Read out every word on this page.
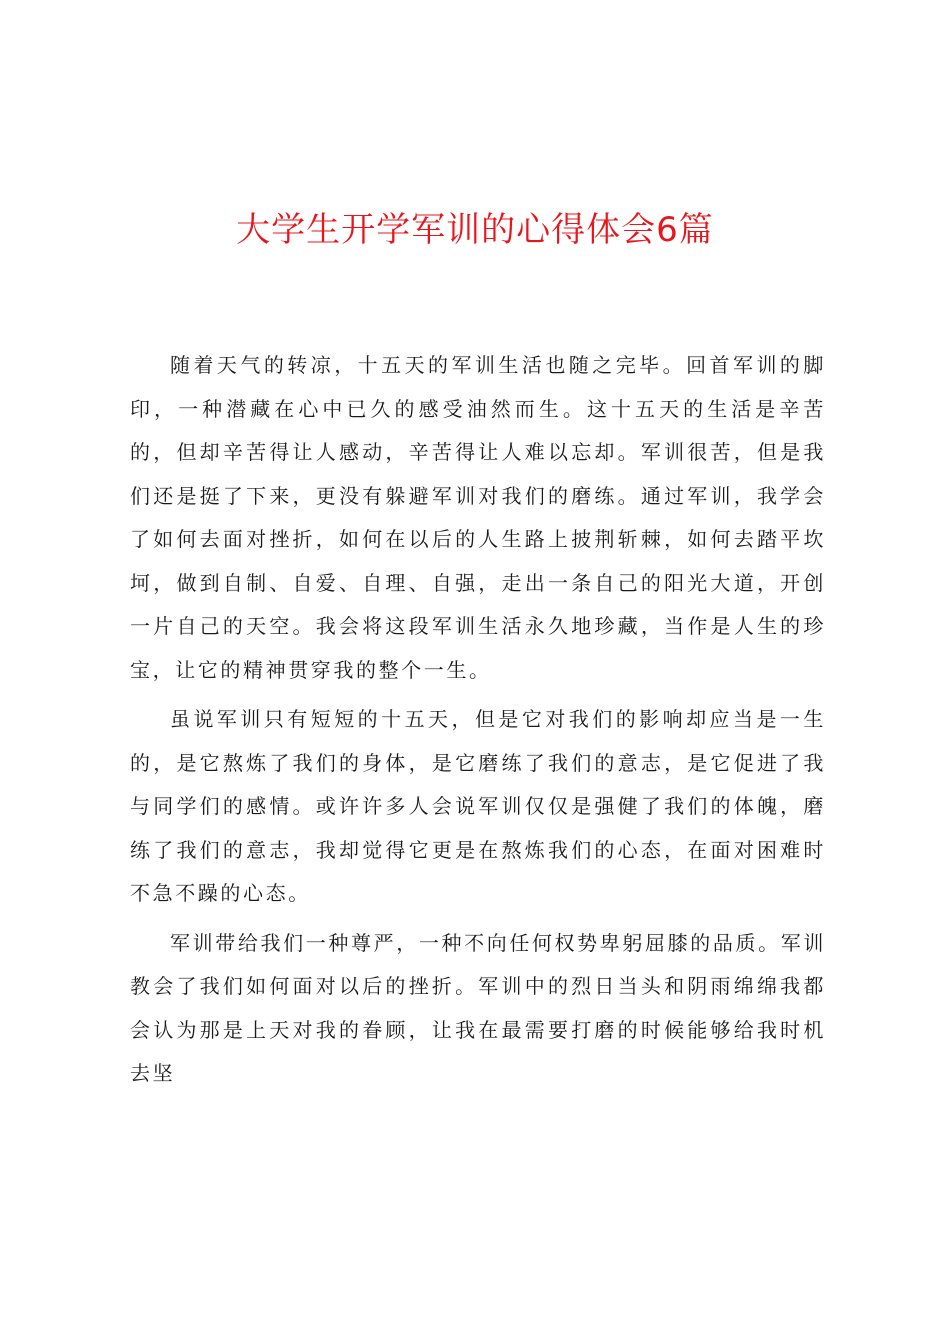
大学生开学军训的心得体会6篇

随着天气的转凉，十五天的军训生活也随之完毕。回首军训的脚印，一种潜藏在心中已久的感受油然而生。这十五天的生活是辛苦的，但却辛苦得让人感动，辛苦得让人难以忘却。军训很苦，但是我们还是挺了下来，更没有躲避军训对我们的磨练。通过军训，我学会了如何去面对挫折，如何在以后的人生路上披荆斩棘，如何去踏平坎坷，做到自制、自爱、自理、自强，走出一条自己的阳光大道，开创一片自己的天空。我会将这段军训生活永久地珍藏，当作是人生的珍宝，让它的精神贯穿我的整个一生。

虽说军训只有短短的十五天，但是它对我们的影响却应当是一生的，是它熬炼了我们的身体，是它磨练了我们的意志，是它促进了我与同学们的感情。或许许多人会说军训仅仅是强健了我们的体魄，磨练了我们的意志，我却觉得它更是在熬炼我们的心态，在面对困难时不急不躁的心态。

军训带给我们一种尊严，一种不向任何权势卑躬屈膝的品质。军训教会了我们如何面对以后的挫折。军训中的烈日当头和阴雨绵绵我都会认为那是上天对我的眷顾，让我在最需要打磨的时候能够给我时机去坚
